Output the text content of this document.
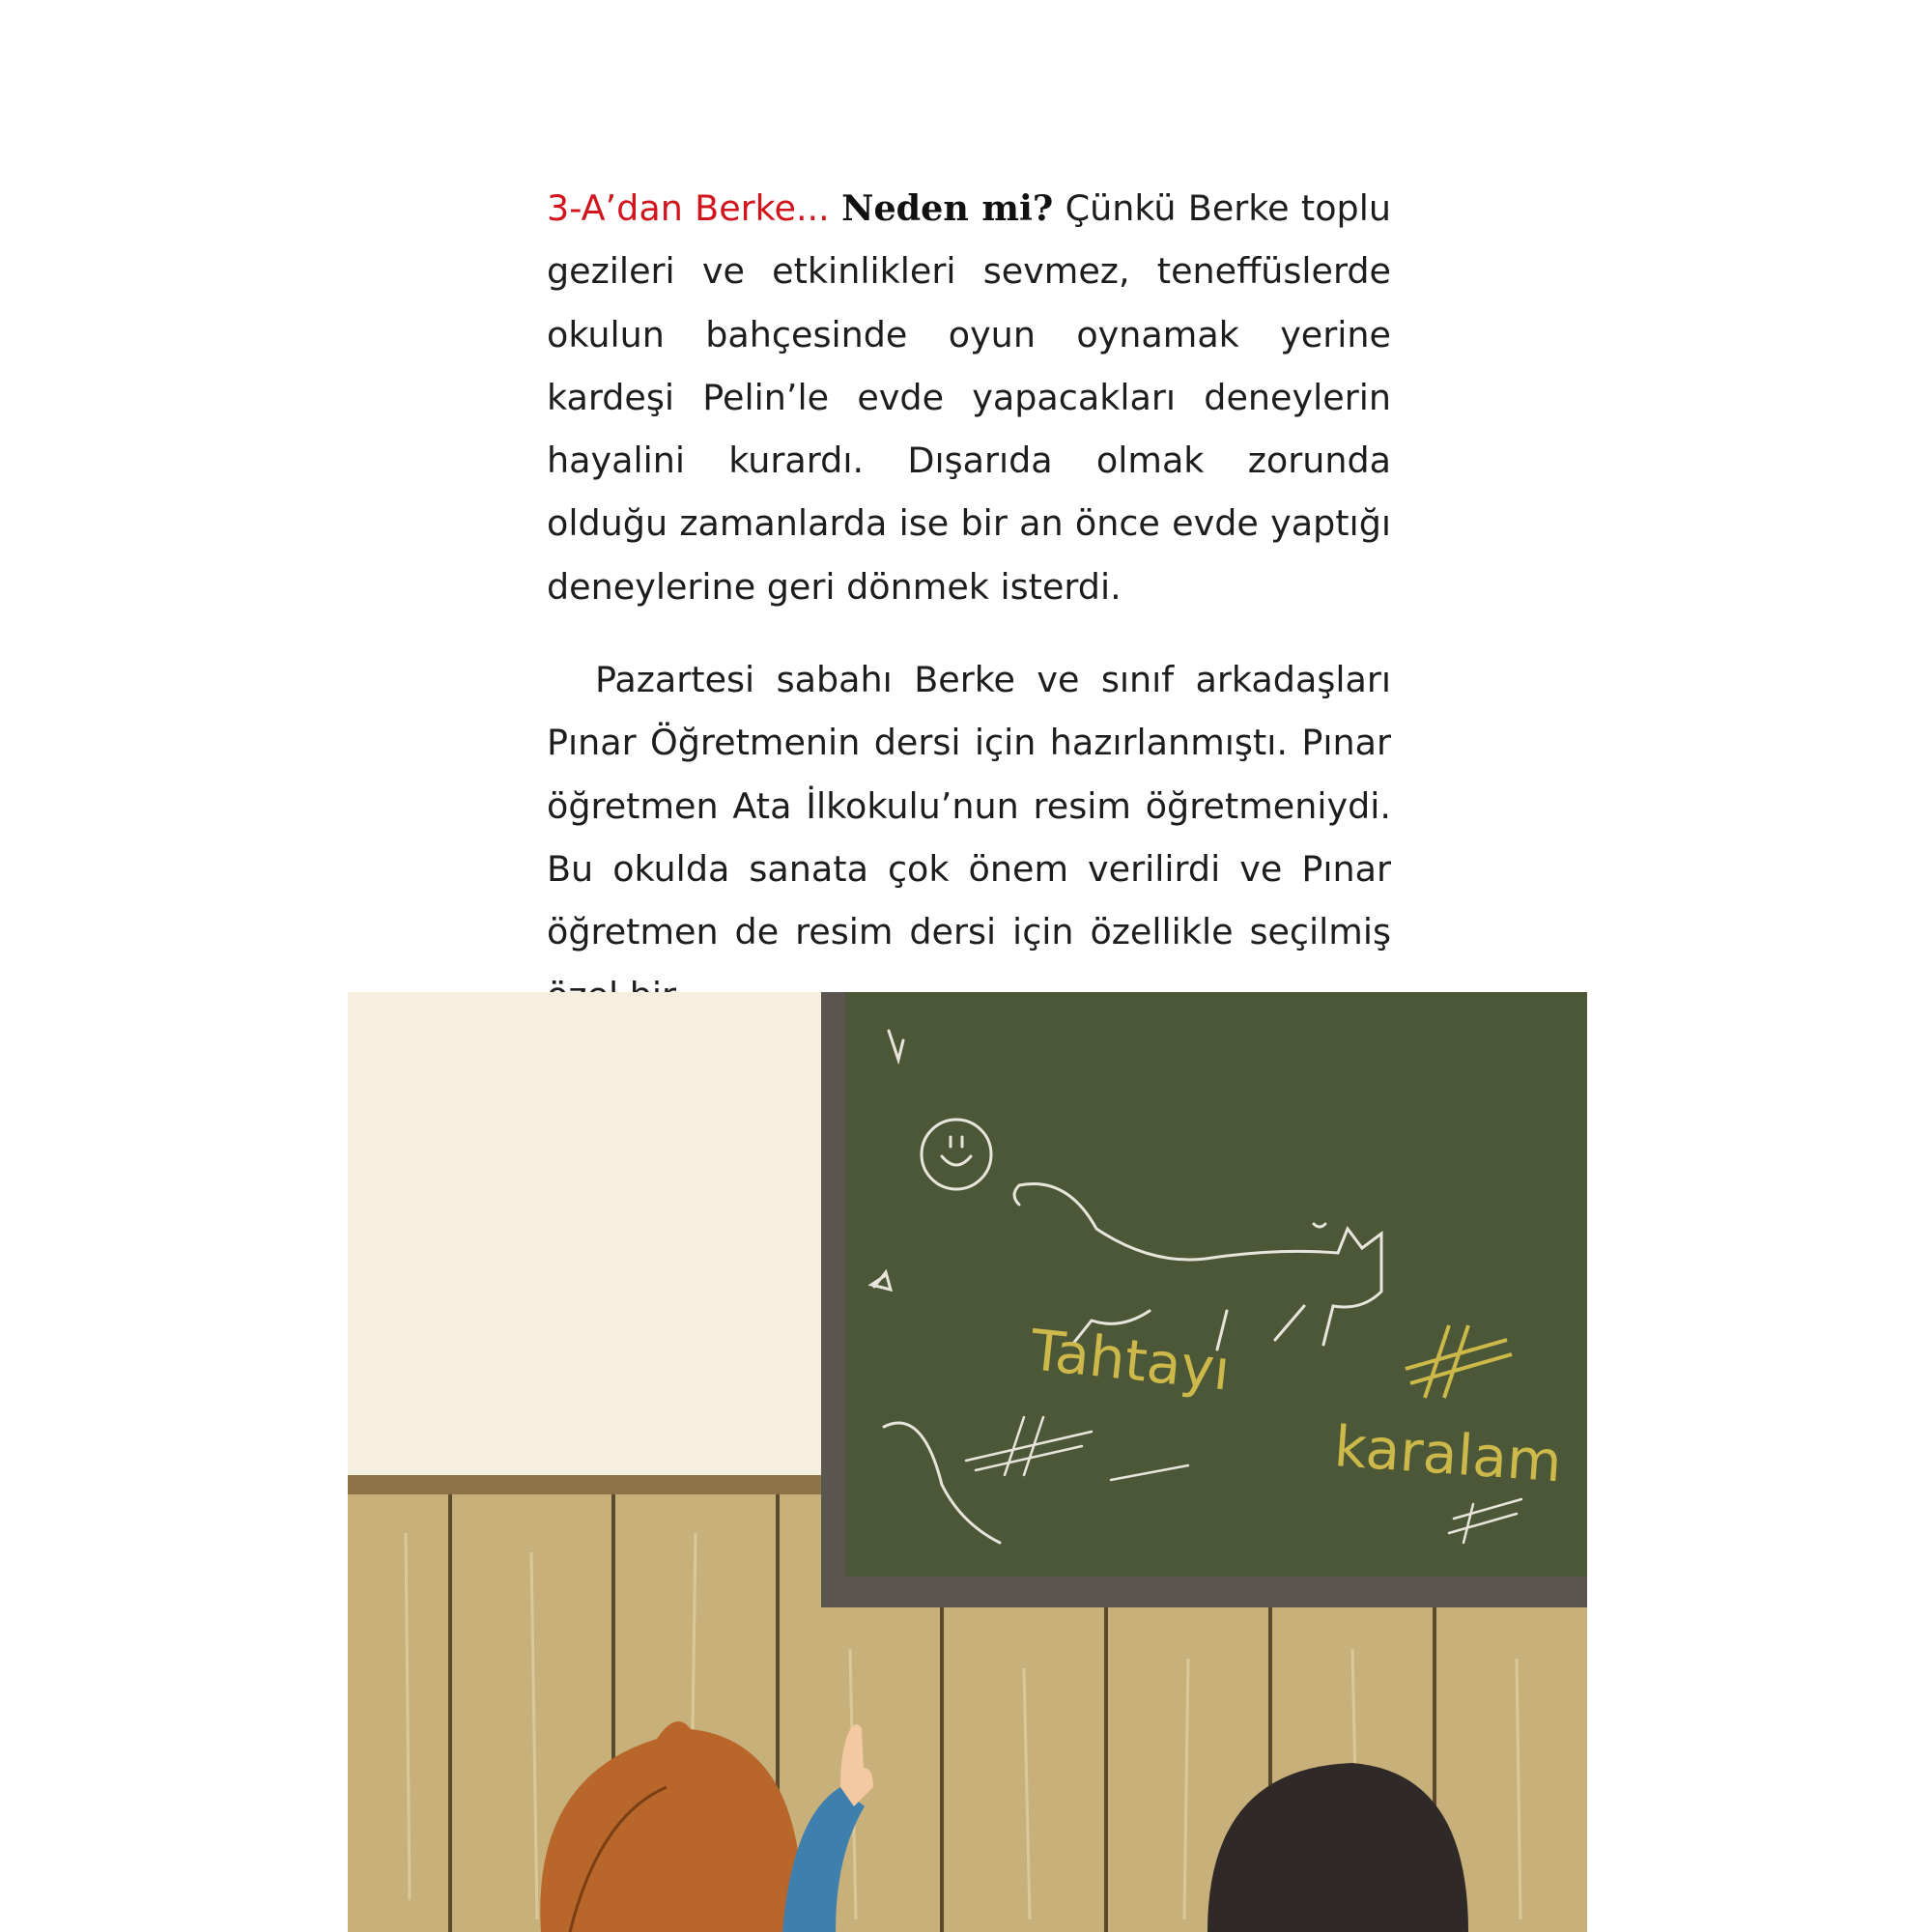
3-A’dan Berke... Neden mi? Çünkü Berke toplu gezileri ve etkinlikleri sevmez, teneffüslerde okulun bahçesinde oyun oynamak yerine kardeşi Pelin’le evde yapacakları deneylerin hayalini kurardı. Dışarıda olmak zorunda olduğu zamanlarda ise bir an önce evde yaptığı deneylerine geri dönmek isterdi.

Pazartesi sabahı Berke ve sınıf arkadaşları Pınar Öğretmenin dersi için hazırlanmıştı. Pınar öğretmen Ata İlkokulu’nun resim öğretmeniydi. Bu okulda sanata çok önem verilirdi ve Pınar öğretmen de resim dersi için özellikle seçilmiş

Tahtayı
karalam
